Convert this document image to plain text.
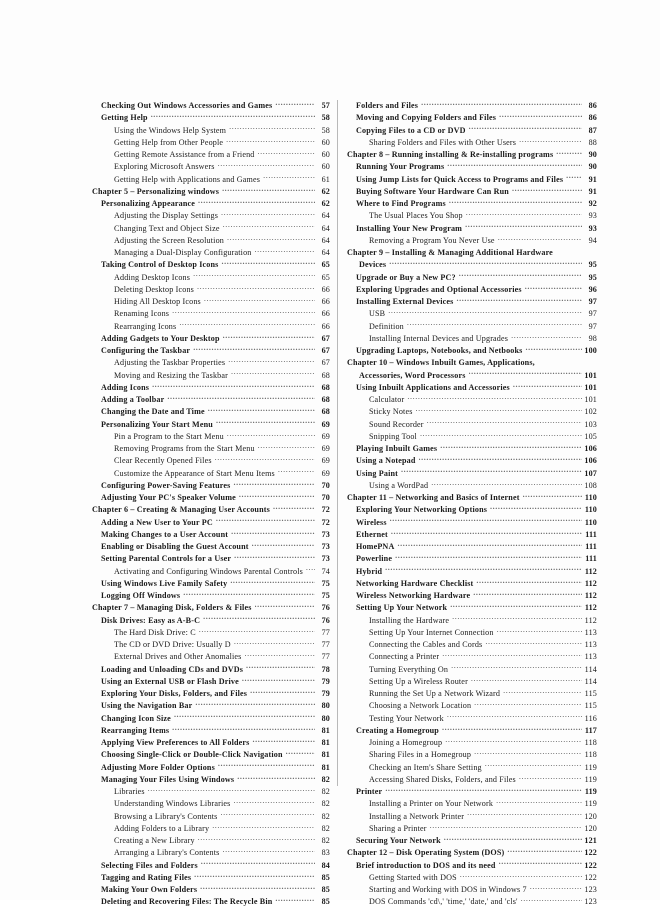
Checking Out Windows Accessories and Games .....	57
Getting Help .....	58
Using the Windows Help System .....	58
Getting Help from Other People .....	60
Getting Remote Assistance from a Friend .....	60
Exploring Microsoft Answers .....	60
Getting Help with Applications and Games .....	61
Chapter 5 – Personalizing windows .....	62
Personalizing Appearance .....	62
Adjusting the Display Settings .....	64
Changing Text and Object Size .....	64
Adjusting the Screen Resolution .....	64
Managing a Dual-Display Configuration .....	64
Taking Control of Desktop Icons .....	65
Adding Desktop Icons .....	65
Deleting Desktop Icons .....	66
Hiding All Desktop Icons .....	66
Renaming Icons .....	66
Rearranging Icons .....	66
Adding Gadgets to Your Desktop .....	67
Configuring the Taskbar .....	67
Adjusting the Taskbar Properties .....	67
Moving and Resizing the Taskbar .....	68
Adding Icons .....	68
Adding a Toolbar .....	68
Changing the Date and Time .....	68
Personalizing Your Start Menu .....	69
Pin a Program to the Start Menu .....	69
Removing Programs from the Start Menu .....	69
Clear Recently Opened Files .....	69
Customize the Appearance of Start Menu Items .....	69
Configuring Power-Saving Features .....	70
Adjusting Your PC's Speaker Volume .....	70
Chapter 6 – Creating & Managing User Accounts .....	72
Adding a New User to Your PC .....	72
Making Changes to a User Account .....	73
Enabling or Disabling the Guest Account .....	73
Setting Parental Controls for a User .....	73
Activating and Configuring Windows Parental Controls .....	74
Using Windows Live Family Safety .....	75
Logging Off Windows .....	75
Chapter 7 – Managing Disk, Folders & Files .....	76
Disk Drives: Easy as A-B-C .....	76
The Hard Disk Drive: C .....	77
The CD or DVD Drive: Usually D .....	77
External Drives and Other Anomalies .....	77
Loading and Unloading CDs and DVDs .....	78
Using an External USB or Flash Drive .....	79
Exploring Your Disks, Folders, and Files .....	79
Using the Navigation Bar .....	80
Changing Icon Size .....	80
Rearranging Items .....	81
Applying View Preferences to All Folders .....	81
Choosing Single-Click or Double-Click Navigation .....	81
Adjusting More Folder Options .....	81
Managing Your Files Using Windows .....	82
Libraries .....	82
Understanding Windows Libraries .....	82
Browsing a Library's Contents .....	82
Adding Folders to a Library .....	82
Creating a New Library .....	82
Arranging a Library's Contents .....	83
Selecting Files and Folders .....	84
Tagging and Rating Files .....	85
Making Your Own Folders .....	85
Deleting and Recovering Files: The Recycle Bin .....	85
Folders and Files .....	86
Moving and Copying Folders and Files .....	86
Copying Files to a CD or DVD .....	87
Sharing Folders and Files with Other Users .....	88
Chapter 8 – Running installing & Re-installing programs .....	90
Running Your Programs .....	90
Using Jump Lists for Quick Access to Programs and Files .....	91
Buying Software Your Hardware Can Run .....	91
Where to Find Programs .....	92
The Usual Places You Shop .....	93
Installing Your New Program .....	93
Removing a Program You Never Use .....	94
Chapter 9 – Installing & Managing Additional Hardware
Devices .....	95
Upgrade or Buy a New PC? .....	95
Exploring Upgrades and Optional Accessories .....	96
Installing External Devices .....	97
USB .....	97
Definition .....	97
Installing Internal Devices and Upgrades .....	98
Upgrading Laptops, Notebooks, and Netbooks .....	100
Chapter 10 – Windows Inbuilt Games, Applications,
Accessories, Word Processors .....	101
Using Inbuilt Applications and Accessories .....	101
Calculator .....	101
Sticky Notes .....	102
Sound Recorder .....	103
Snipping Tool .....	105
Playing Inbuilt Games .....	106
Using a Notepad .....	106
Using Paint .....	107
Using a WordPad .....	108
Chapter 11 – Networking and Basics of Internet .....	110
Exploring Your Networking Options .....	110
Wireless .....	110
Ethernet .....	111
HomePNA .....	111
Powerline .....	111
Hybrid .....	112
Networking Hardware Checklist .....	112
Wireless Networking Hardware .....	112
Setting Up Your Network .....	112
Installing the Hardware .....	112
Setting Up Your Internet Connection .....	113
Connecting the Cables and Cords .....	113
Connecting a Printer .....	113
Turning Everything On .....	114
Setting Up a Wireless Router .....	114
Running the Set Up a Network Wizard .....	115
Choosing a Network Location .....	115
Testing Your Network .....	116
Creating a Homegroup .....	117
Joining a Homegroup .....	118
Sharing Files in a Homegroup .....	118
Checking an Item's Share Setting .....	119
Accessing Shared Disks, Folders, and Files .....	119
Printer .....	119
Installing a Printer on Your Network .....	119
Installing a Network Printer .....	120
Sharing a Printer .....	120
Securing Your Network .....	121
Chapter 12 – Disk Operating System (DOS) .....	122
Brief introduction to DOS and its need .....	122
Getting Started with DOS .....	122
Starting and Working with DOS in Windows 7 .....	123
DOS Commands 'cd\,' 'time,' 'date,' and 'cls' .....	123
